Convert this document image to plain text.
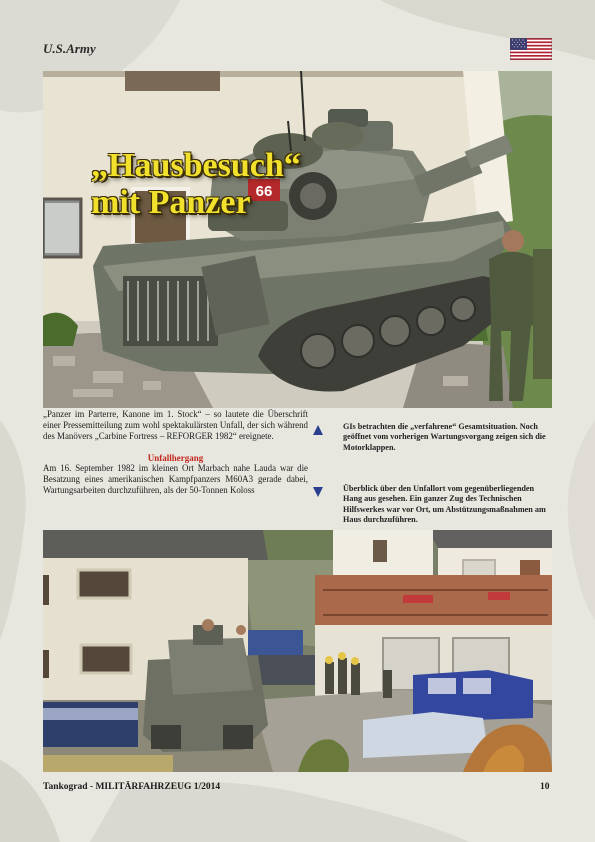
U.S.Army
66
„Hausbesuch“
mit Panzer

„Panzer im Parterre, Kanone im 1. Stock“ – so lautete die Überschrift einer Pressemitteilung zum wohl spektakulärsten Unfall, der sich während des Manövers „Carbine Fortress – REFORGER 1982“ ereignete.

Unfallhergang

Am 16. September 1982 im kleinen Ort Marbach nahe Lauda war die Besatzung eines amerikanischen Kampfpanzers M60A3 gerade dabei, Wartungsarbeiten durchzuführen, als der 50-Tonnen Koloss

GIs betrachten die „verfahrene“ Gesamtsituation. Noch geöffnet vom vorherigen Wartungsvorgang zeigen sich die Motorklappen.
Überblick über den Unfallort vom gegenüberliegenden Hang aus gesehen. Ein ganzer Zug des Technischen Hilfswerkes war vor Ort, um Abstützungsmaßnahmen am Haus durchzuführen.
Tankograd - MILITÄRFAHRZEUG 1/2014	10
